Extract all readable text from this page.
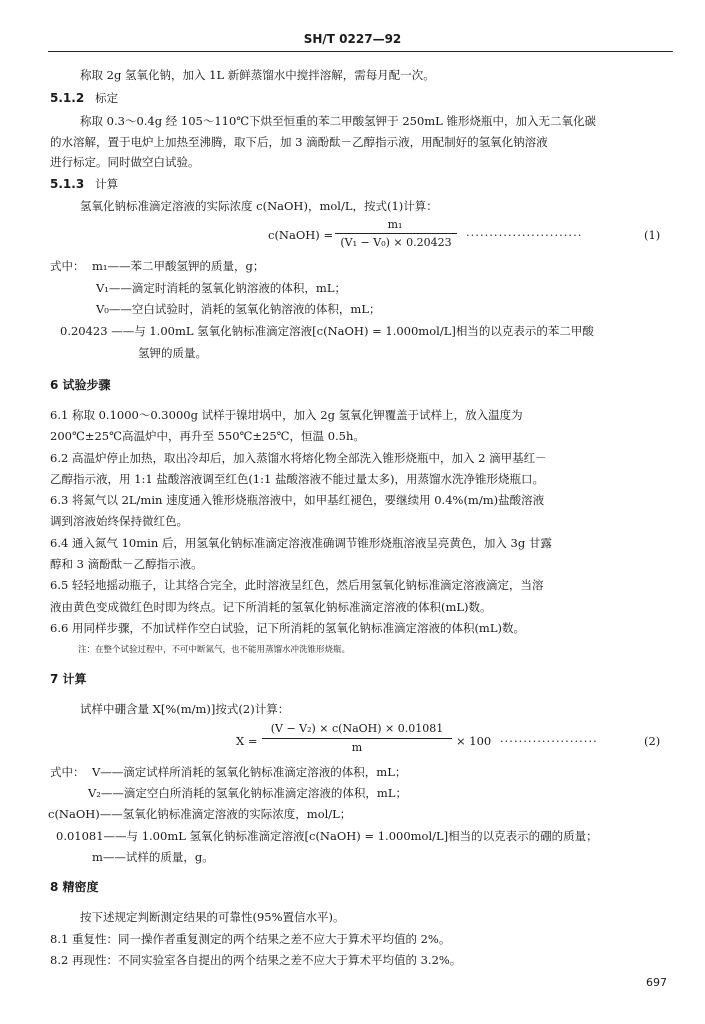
SH/T 0227—92
称取 2g 氢氧化钠，加入 1L 新鲜蒸馏水中搅拌溶解，需每月配一次。
5.1.2 标定
称取 0.3～0.4g 经 105～110℃下烘至恒重的苯二甲酸氢钾于 250mL 锥形烧瓶中，加入无二氧化碳
的水溶解，置于电炉上加热至沸腾，取下后，加 3 滴酚酞－乙醇指示液，用配制好的氢氧化钠溶液
进行标定。同时做空白试验。
5.1.3 计算
氢氧化钠标准滴定溶液的实际浓度 c(NaOH)，mol/L，按式(1)计算：
c(NaOH) =
m₁
(V₁ − V₀) × 0.20423
·························	(1)
式中： m₁——苯二甲酸氢钾的质量，g；
V₁——滴定时消耗的氢氧化钠溶液的体积，mL；
V₀——空白试验时，消耗的氢氧化钠溶液的体积，mL；
0.20423 ——与 1.00mL 氢氧化钠标准滴定溶液[c(NaOH) = 1.000mol/L]相当的以克表示的苯二甲酸
氢钾的质量。
6 试验步骤
6.1 称取 0.1000～0.3000g 试样于镍坩埚中，加入 2g 氢氧化钾覆盖于试样上，放入温度为
200℃±25℃高温炉中，再升至 550℃±25℃，恒温 0.5h。
6.2 高温炉停止加热，取出冷却后，加入蒸馏水将熔化物全部洗入锥形烧瓶中，加入 2 滴甲基红－
乙醇指示液，用 1:1 盐酸溶液调至红色(1:1 盐酸溶液不能过量太多)，用蒸馏水洗净锥形烧瓶口。
6.3 将氮气以 2L/min 速度通入锥形烧瓶溶液中，如甲基红褪色，要继续用 0.4%(m/m)盐酸溶液
调到溶液始终保持微红色。
6.4 通入氮气 10min 后，用氢氧化钠标准滴定溶液准确调节锥形烧瓶溶液呈亮黄色，加入 3g 甘露
醇和 3 滴酚酞－乙醇指示液。
6.5 轻轻地摇动瓶子，让其络合完全，此时溶液呈红色，然后用氢氧化钠标准滴定溶液滴定，当溶
液由黄色变成微红色时即为终点。记下所消耗的氢氧化钠标准滴定溶液的体积(mL)数。
6.6 用同样步骤，不加试样作空白试验，记下所消耗的氢氧化钠标准滴定溶液的体积(mL)数。
注：在整个试验过程中，不可中断氮气，也不能用蒸馏水冲洗锥形烧瓶。
7 计算
试样中硼含量 X[%(m/m)]按式(2)计算：
X =
(V − V₂) × c(NaOH) × 0.01081
m	× 100 ·····················	(2)
式中： V——滴定试样所消耗的氢氧化钠标准滴定溶液的体积，mL；
V₂——滴定空白所消耗的氢氧化钠标准滴定溶液的体积，mL；
c(NaOH)——氢氧化钠标准滴定溶液的实际浓度，mol/L；
0.01081——与 1.00mL 氢氧化钠标准滴定溶液[c(NaOH) = 1.000mol/L]相当的以克表示的硼的质量；
m——试样的质量，g。
8 精密度
按下述规定判断测定结果的可靠性(95%置信水平)。
8.1 重复性：同一操作者重复测定的两个结果之差不应大于算术平均值的 2%。
8.2 再现性：不同实验室各自提出的两个结果之差不应大于算术平均值的 3.2%。
697
